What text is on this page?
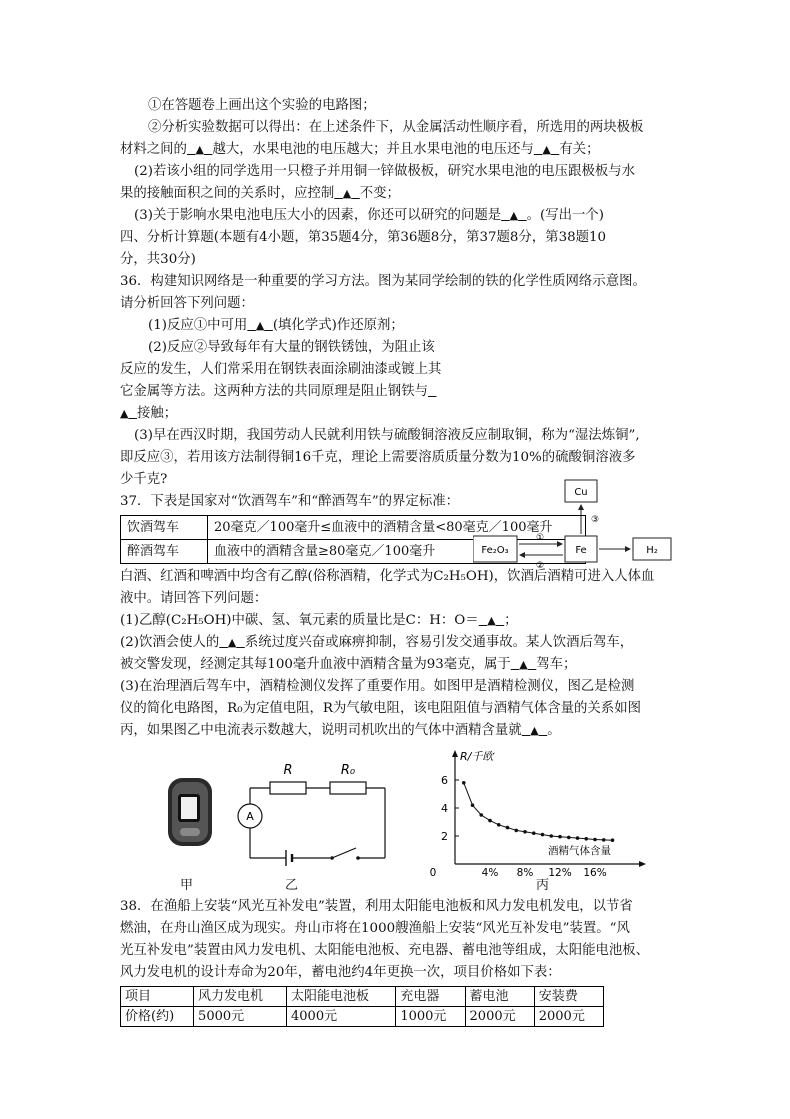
①在答题卷上画出这个实验的电路图；
②分析实验数据可以得出：在上述条件下，从金属活动性顺序看，所选用的两块极板
材料之间的 ▲ 越大，水果电池的电压越大；并且水果电池的电压还与 ▲ 有关；
(2)若该小组的同学选用一只橙子并用铜一锌做极板，研究水果电池的电压跟极板与水
果的接触面积之间的关系时，应控制 ▲ 不变；
(3)关于影响水果电池电压大小的因素，你还可以研究的问题是 ▲ 。(写出一个)
四、分析计算题(本题有4小题，第35题4分，第36题8分，第37题8分，第38题10
分，共30分)
36．构建知识网络是一种重要的学习方法。图为某同学绘制的铁的化学性质网络示意图。
请分析回答下列问题：
(1)反应①中可用 ▲ (填化学式)作还原剂；
(2)反应②导致每年有大量的钢铁锈蚀，为阻止该
反应的发生，人们常采用在钢铁表面涂刷油漆或镀上其
它金属等方法。这两种方法的共同原理是阻止钢铁与
▲ 接触；
(3)早在西汉时期，我国劳动人民就利用铁与硫酸铜溶液反应制取铜，称为“湿法炼铜”,
即反应③，若用该方法制得铜16千克，理论上需要溶质质量分数为10%的硫酸铜溶液多
少千克?
Cu
Fe₂O₃	Fe	H₂
①
②
③
37．下表是国家对“饮酒驾车”和“醉酒驾车”的界定标准：
饮酒驾车	20毫克／100毫升≤血液中的酒精含量<80毫克／100毫升
醉酒驾车	血液中的酒精含量≥80毫克／100毫升
白酒、红酒和啤酒中均含有乙醇(俗称酒精，化学式为C₂H₅OH)，饮酒后酒精可进入人体血
液中。请回答下列问题：
(1)乙醇(C₂H₅OH)中碳、氢、氧元素的质量比是C：H：O＝ ▲ ；
(2)饮酒会使人的 ▲ 系统过度兴奋或麻痹抑制，容易引发交通事故。某人饮酒后驾车，
被交警发现，经测定其每100毫升血液中酒精含量为93毫克，属于 ▲ 驾车；
(3)在治理酒后驾车中，酒精检测仪发挥了重要作用。如图甲是酒精检测仪，图乙是检测
仪的简化电路图，R₀为定值电阻，R为气敏电阻，该电阻阻值与酒精气体含量的关系如图
丙，如果图乙中电流表示数越大，说明司机吹出的气体中酒精含量就 ▲ 。
甲
A
R	R₀
乙
R/千欧
酒精气体含量
2
4
6
0	4% 8% 12% 16%
丙
38．在渔船上安装“风光互补发电”装置，利用太阳能电池板和风力发电机发电，以节省
燃油，在舟山渔区成为现实。舟山市将在1000艘渔船上安装“风光互补发电”装置。“风
光互补发电”装置由风力发电机、太阳能电池板、充电器、蓄电池等组成，太阳能电池板、
风力发电机的设计寿命为20年，蓄电池约4年更换一次，项目价格如下表：
项目	风力发电机	太阳能电池板	充电器	蓄电池	安装费
价格(约)	5000元	4000元	1000元	2000元	2000元
